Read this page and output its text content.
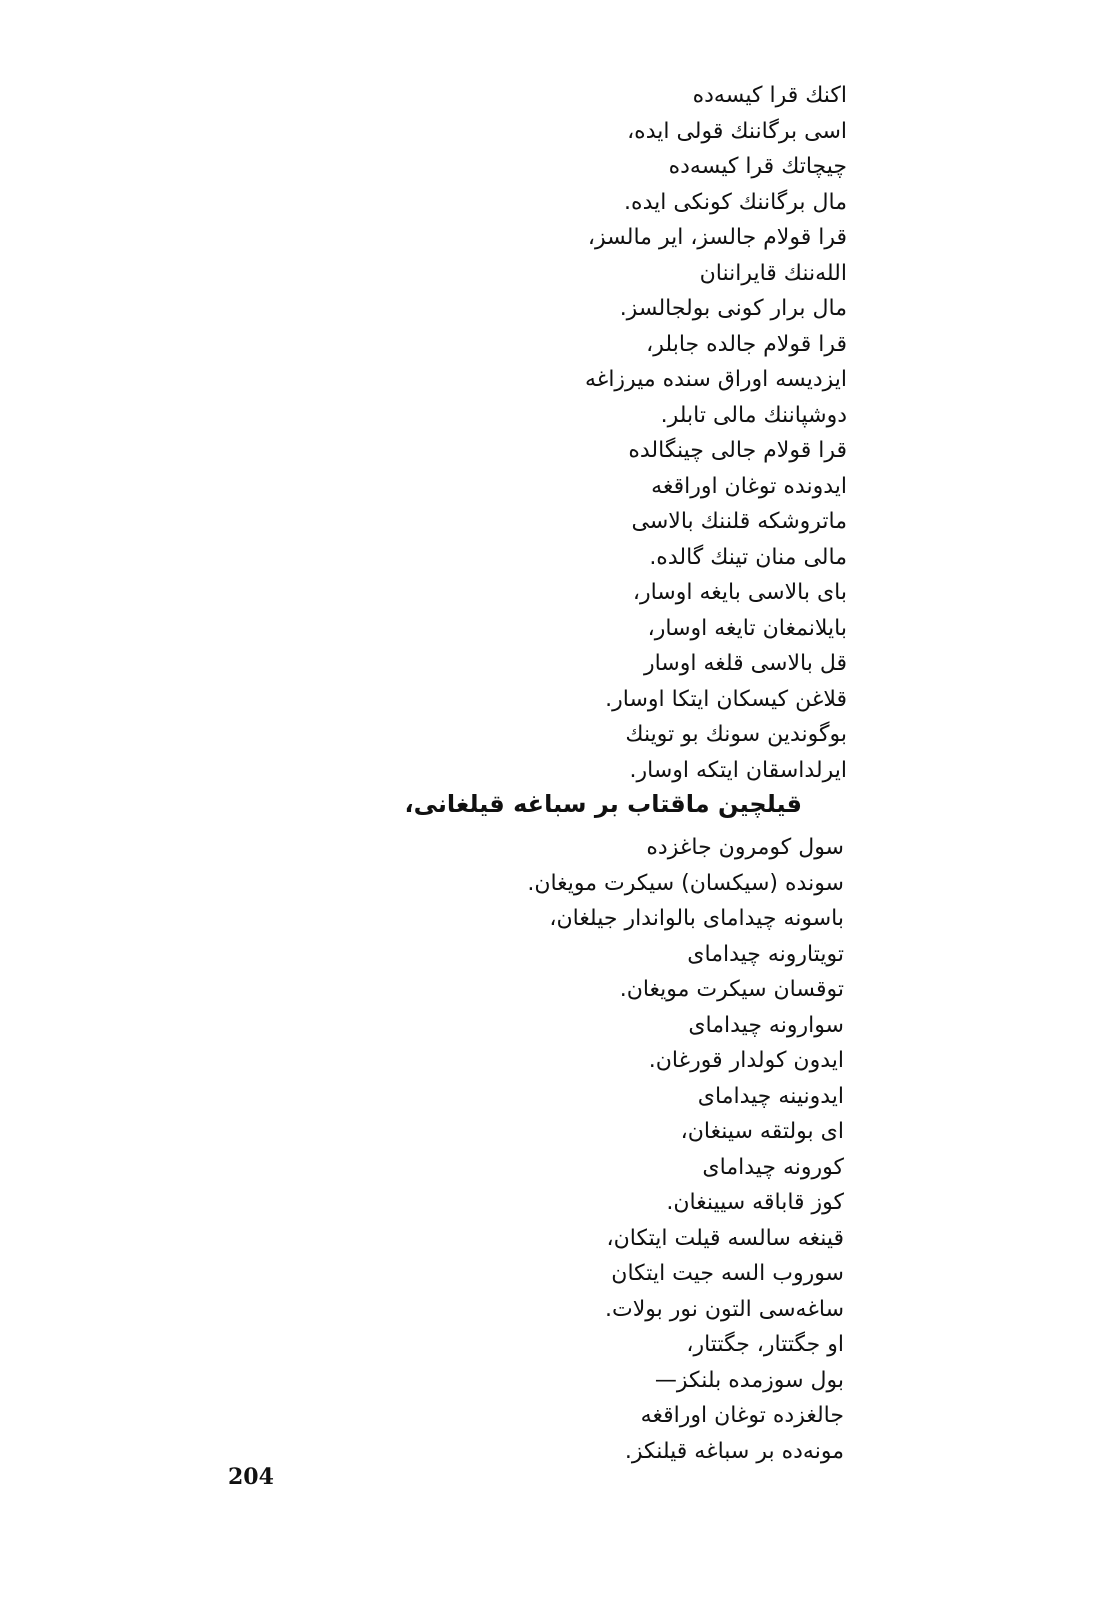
اکنك قرا کیسه‌ده
اسی برگاننك قولی ایده،
چیچاتك قرا کیسه‌ده
مال برگاننك کونکی ایده.
قرا قولام جالسز، ایر مالسز،
الله‌ننك قایراننان
مال برار کونی بولجالسز.
قرا قولام جالده جابلر،
ایزدیسه اوراق سنده میرزاغه
دوشپاننك مالی تابلر.
قرا قولام جالی چینگالده
ایدونده توغان اوراقغه
ماتروشکه قلننك بالاسی
مالی منان تینك گالده.
بای بالاسی بایغه اوسار،
بایلانمغان تایغه اوسار،
قل بالاسی قلغه اوسار
قلاغن کیسکان ایتکا اوسار.
بوگوندین سونك بو توینك
ایرلداسقان ایتکه اوسار.
قیلچین ماقتاب بر سباغه قیلغانی،
سول کومرون جاغزده
سونده (سیکسان) سیکرت مویغان.
باسونه چیداماى بالواندار جیلغان،
تویتارونه چیداماى
توقسان سیکرت مویغان.
سوارونه چیداماى
ایدون کولدار قورغان.
ایدونینه چیداماى
اى بولتقه سینغان،
کورونه چیداماى
کوز قاباقه سیینغان.
قینغه سالسه قیلت ایتکان،
سوروب السه جیت ایتکان
ساغه‌سی التون نور بولات.
او جگتتار، جگتتار،
بول سوزمده بلنکز—
جالغزده توغان اوراقغه
مونه‌ده بر سباغه قیلنکز.
204
